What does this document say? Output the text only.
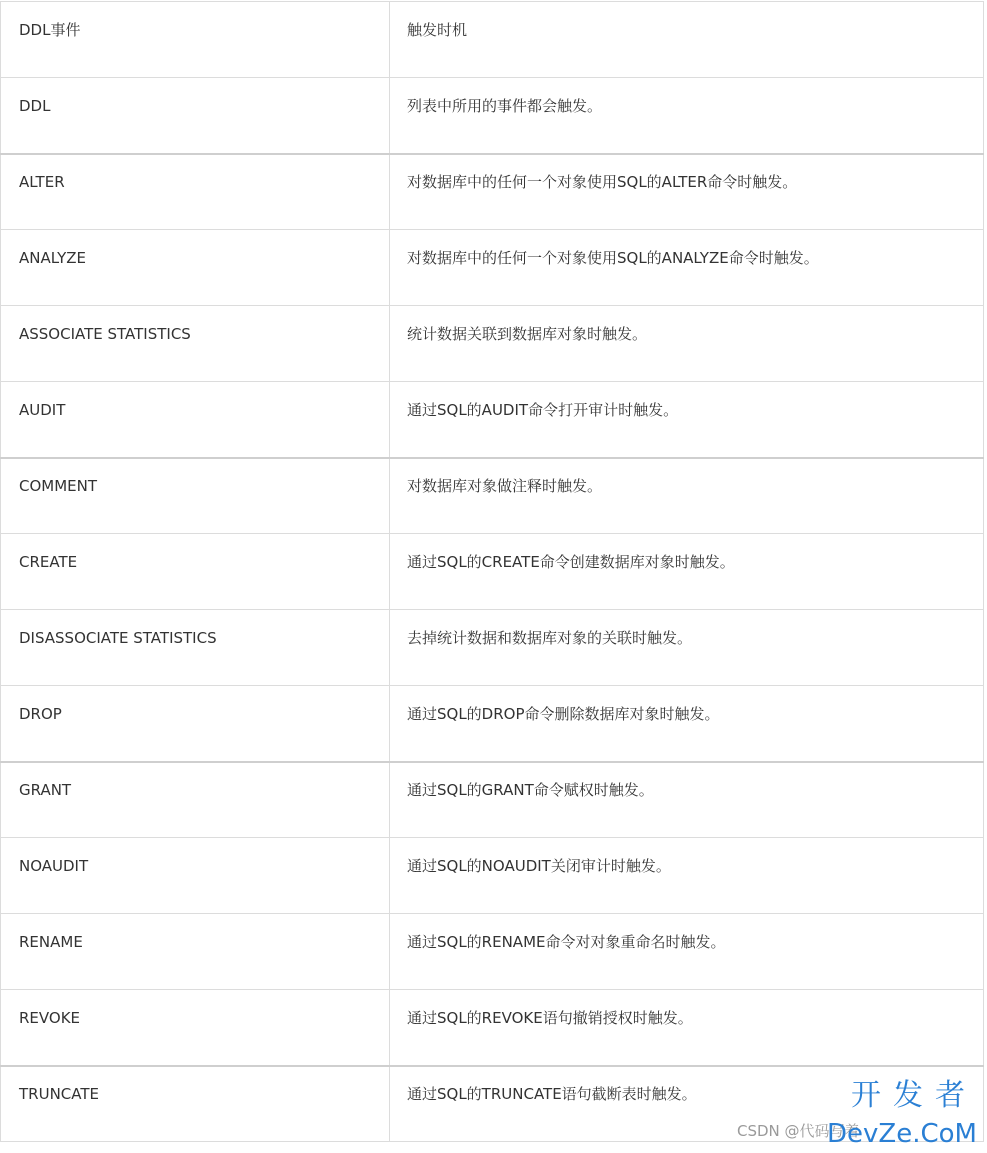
DDL事件	触发时机
DDL	列表中所用的事件都会触发。
ALTER	对数据库中的任何一个对象使用SQL的ALTER命令时触发。
ANALYZE	对数据库中的任何一个对象使用SQL的ANALYZE命令时触发。
ASSOCIATE STATISTICS	统计数据关联到数据库对象时触发。
AUDIT	通过SQL的AUDIT命令打开审计时触发。
COMMENT	对数据库对象做注释时触发。
CREATE	通过SQL的CREATE命令创建数据库对象时触发。
DISASSOCIATE STATISTICS	去掉统计数据和数据库对象的关联时触发。
DROP	通过SQL的DROP命令删除数据库对象时触发。
GRANT	通过SQL的GRANT命令赋权时触发。
NOAUDIT	通过SQL的NOAUDIT关闭审计时触发。
RENAME	通过SQL的RENAME命令对对象重命名时触发。
REVOKE	通过SQL的REVOKE语句撤销授权时触发。
TRUNCATE	通过SQL的TRUNCATE语句截断表时触发。	开发者
CSDN @代码写着
DevZe.CoM
